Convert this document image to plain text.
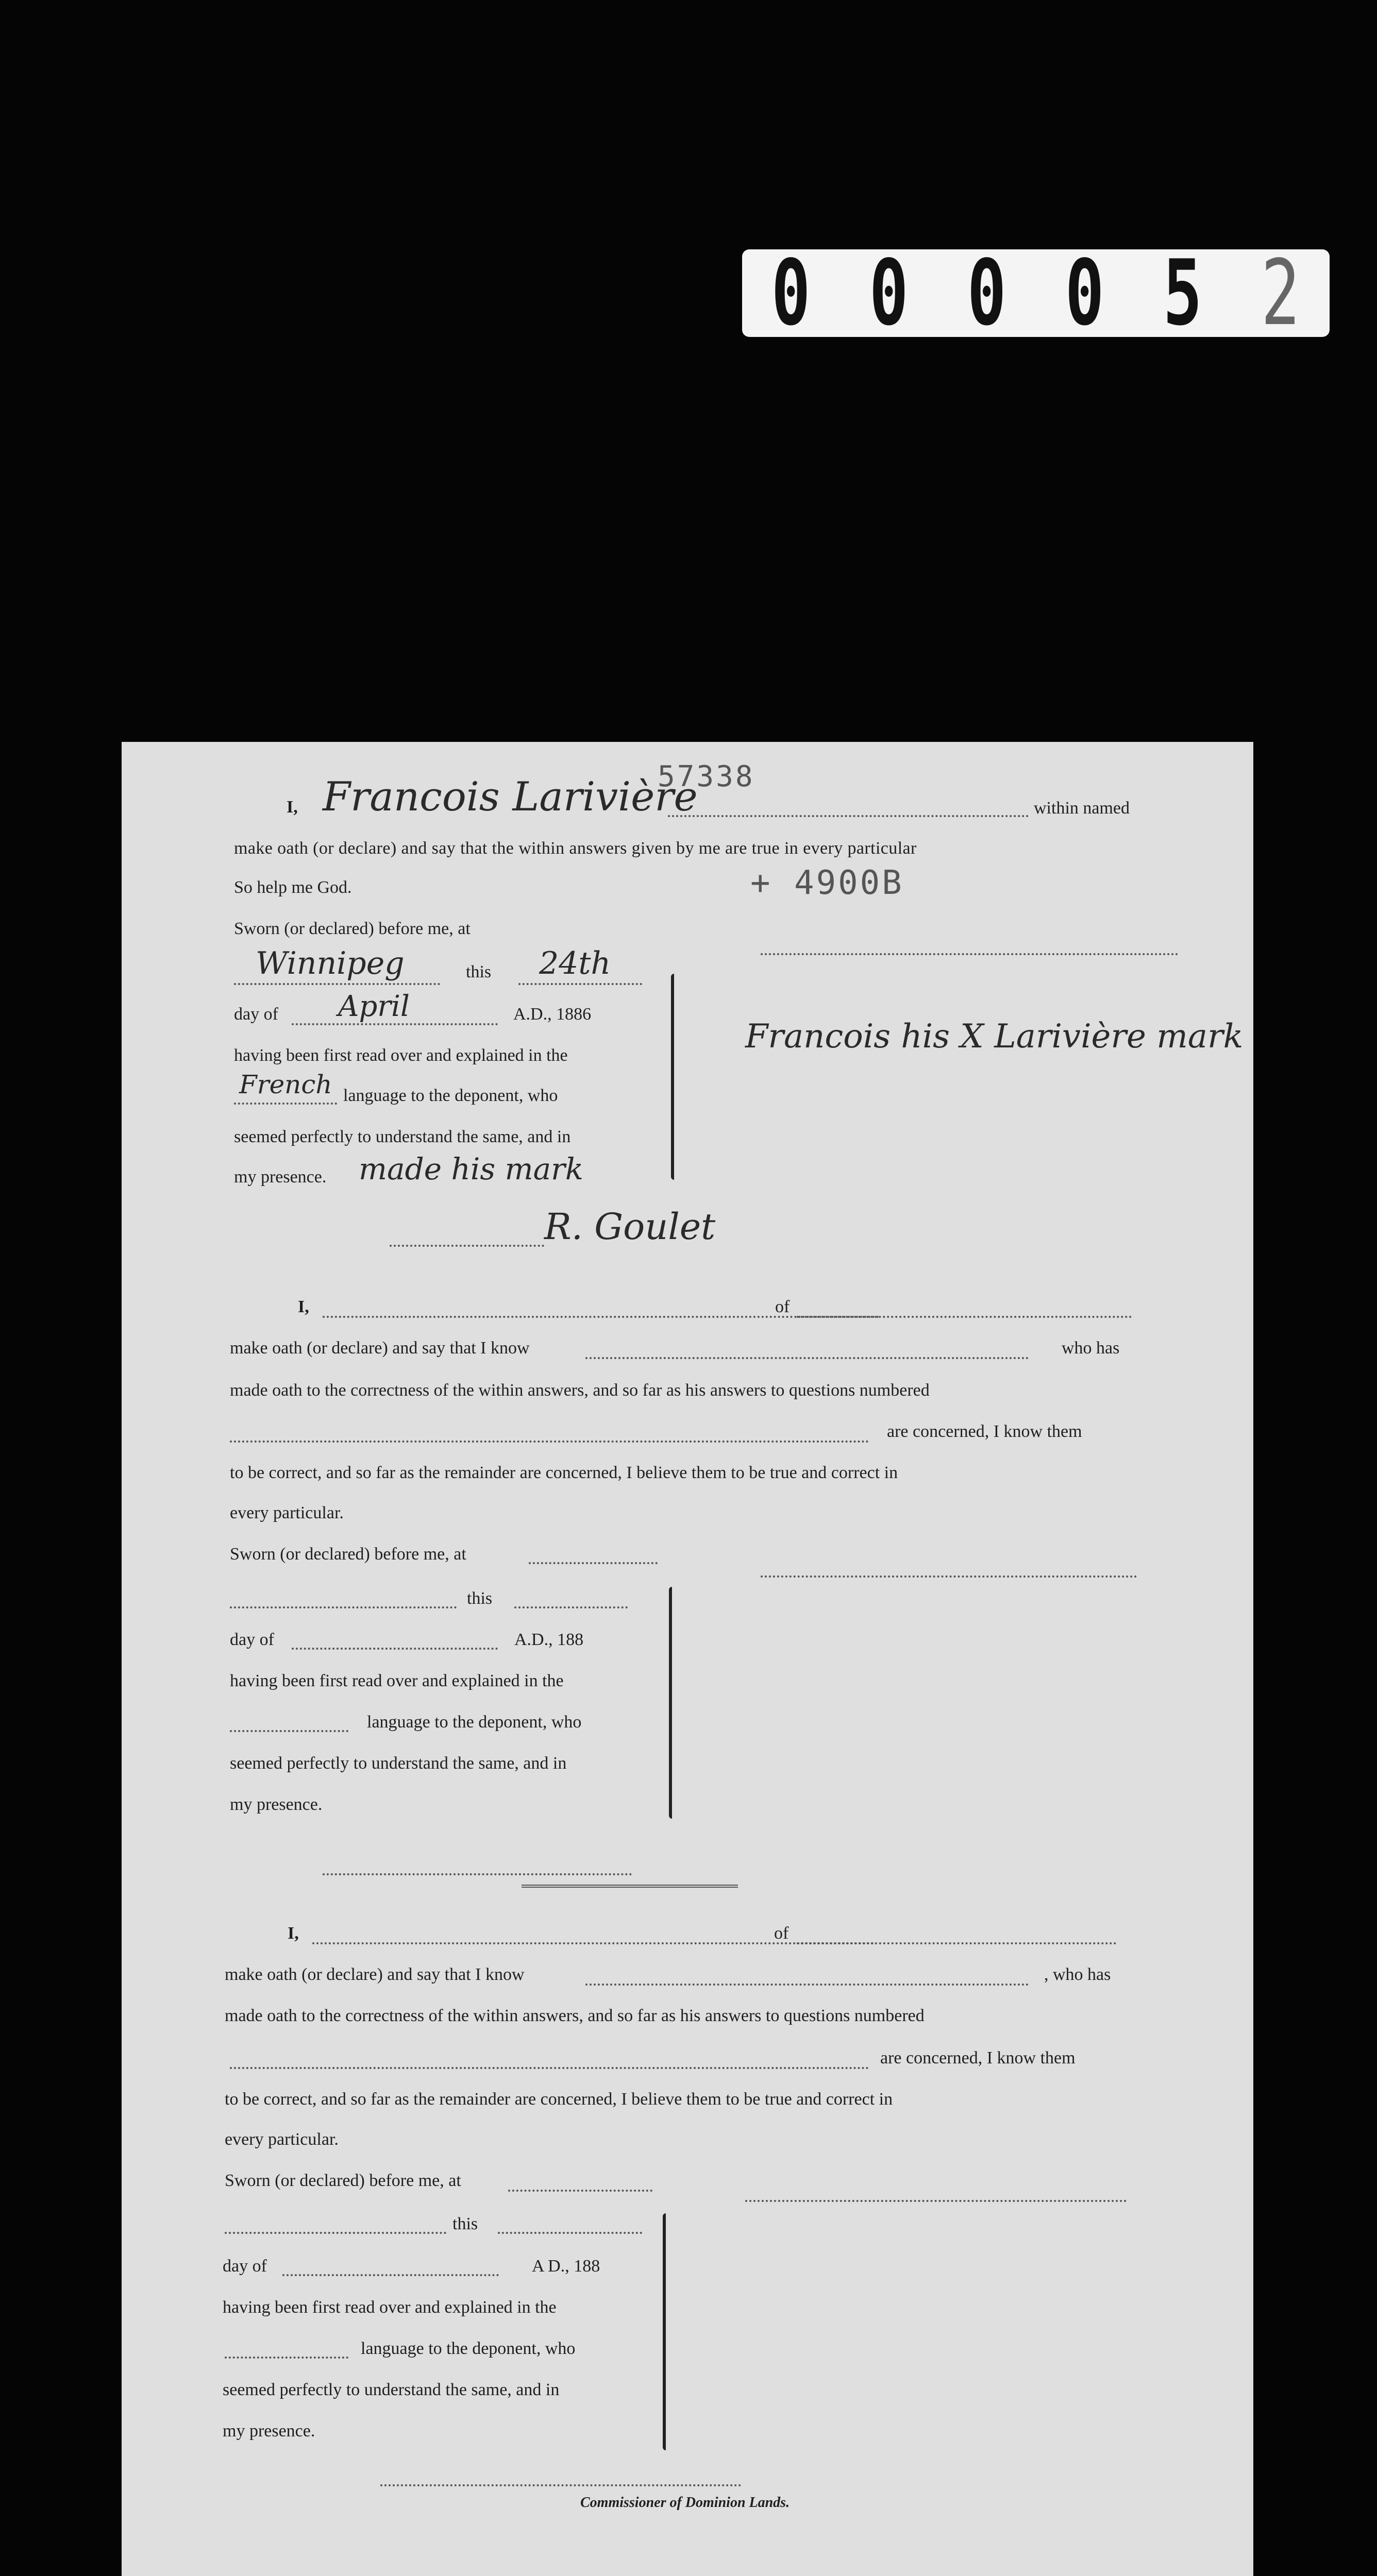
0 0 0 0 5 2
57338
+ 4900B
I, Francois Larivière	within named
make oath (or declare) and say that the within answers given by me are true in every particular
So help me God.
Sworn (or declared) before me, at
Winnipeg	this 24th
day of April	A.D., 1886
having been first read over and explained in the
French language to the deponent, who
seemed perfectly to understand the same, and in
my presence. made his mark
Francois his X Larivière mark
R. Goulet
I,	of
make oath (or declare) and say that I know	who has
made oath to the correctness of the within answers, and so far as his answers to questions numbered
are concerned, I know them
to be correct, and so far as the remainder are concerned, I believe them to be true and correct in
every particular.
Sworn (or declared) before me, at
this
day of	A.D., 188
having been first read over and explained in the
language to the deponent, who
seemed perfectly to understand the same, and in
my presence.
I,	of
make oath (or declare) and say that I know	, who has
made oath to the correctness of the within answers, and so far as his answers to questions numbered
are concerned, I know them
to be correct, and so far as the remainder are concerned, I believe them to be true and correct in
every particular.
Sworn (or declared) before me, at
this
day of	A D., 188
having been first read over and explained in the
language to the deponent, who
seemed perfectly to understand the same, and in
my presence.
Commissioner of Dominion Lands.
